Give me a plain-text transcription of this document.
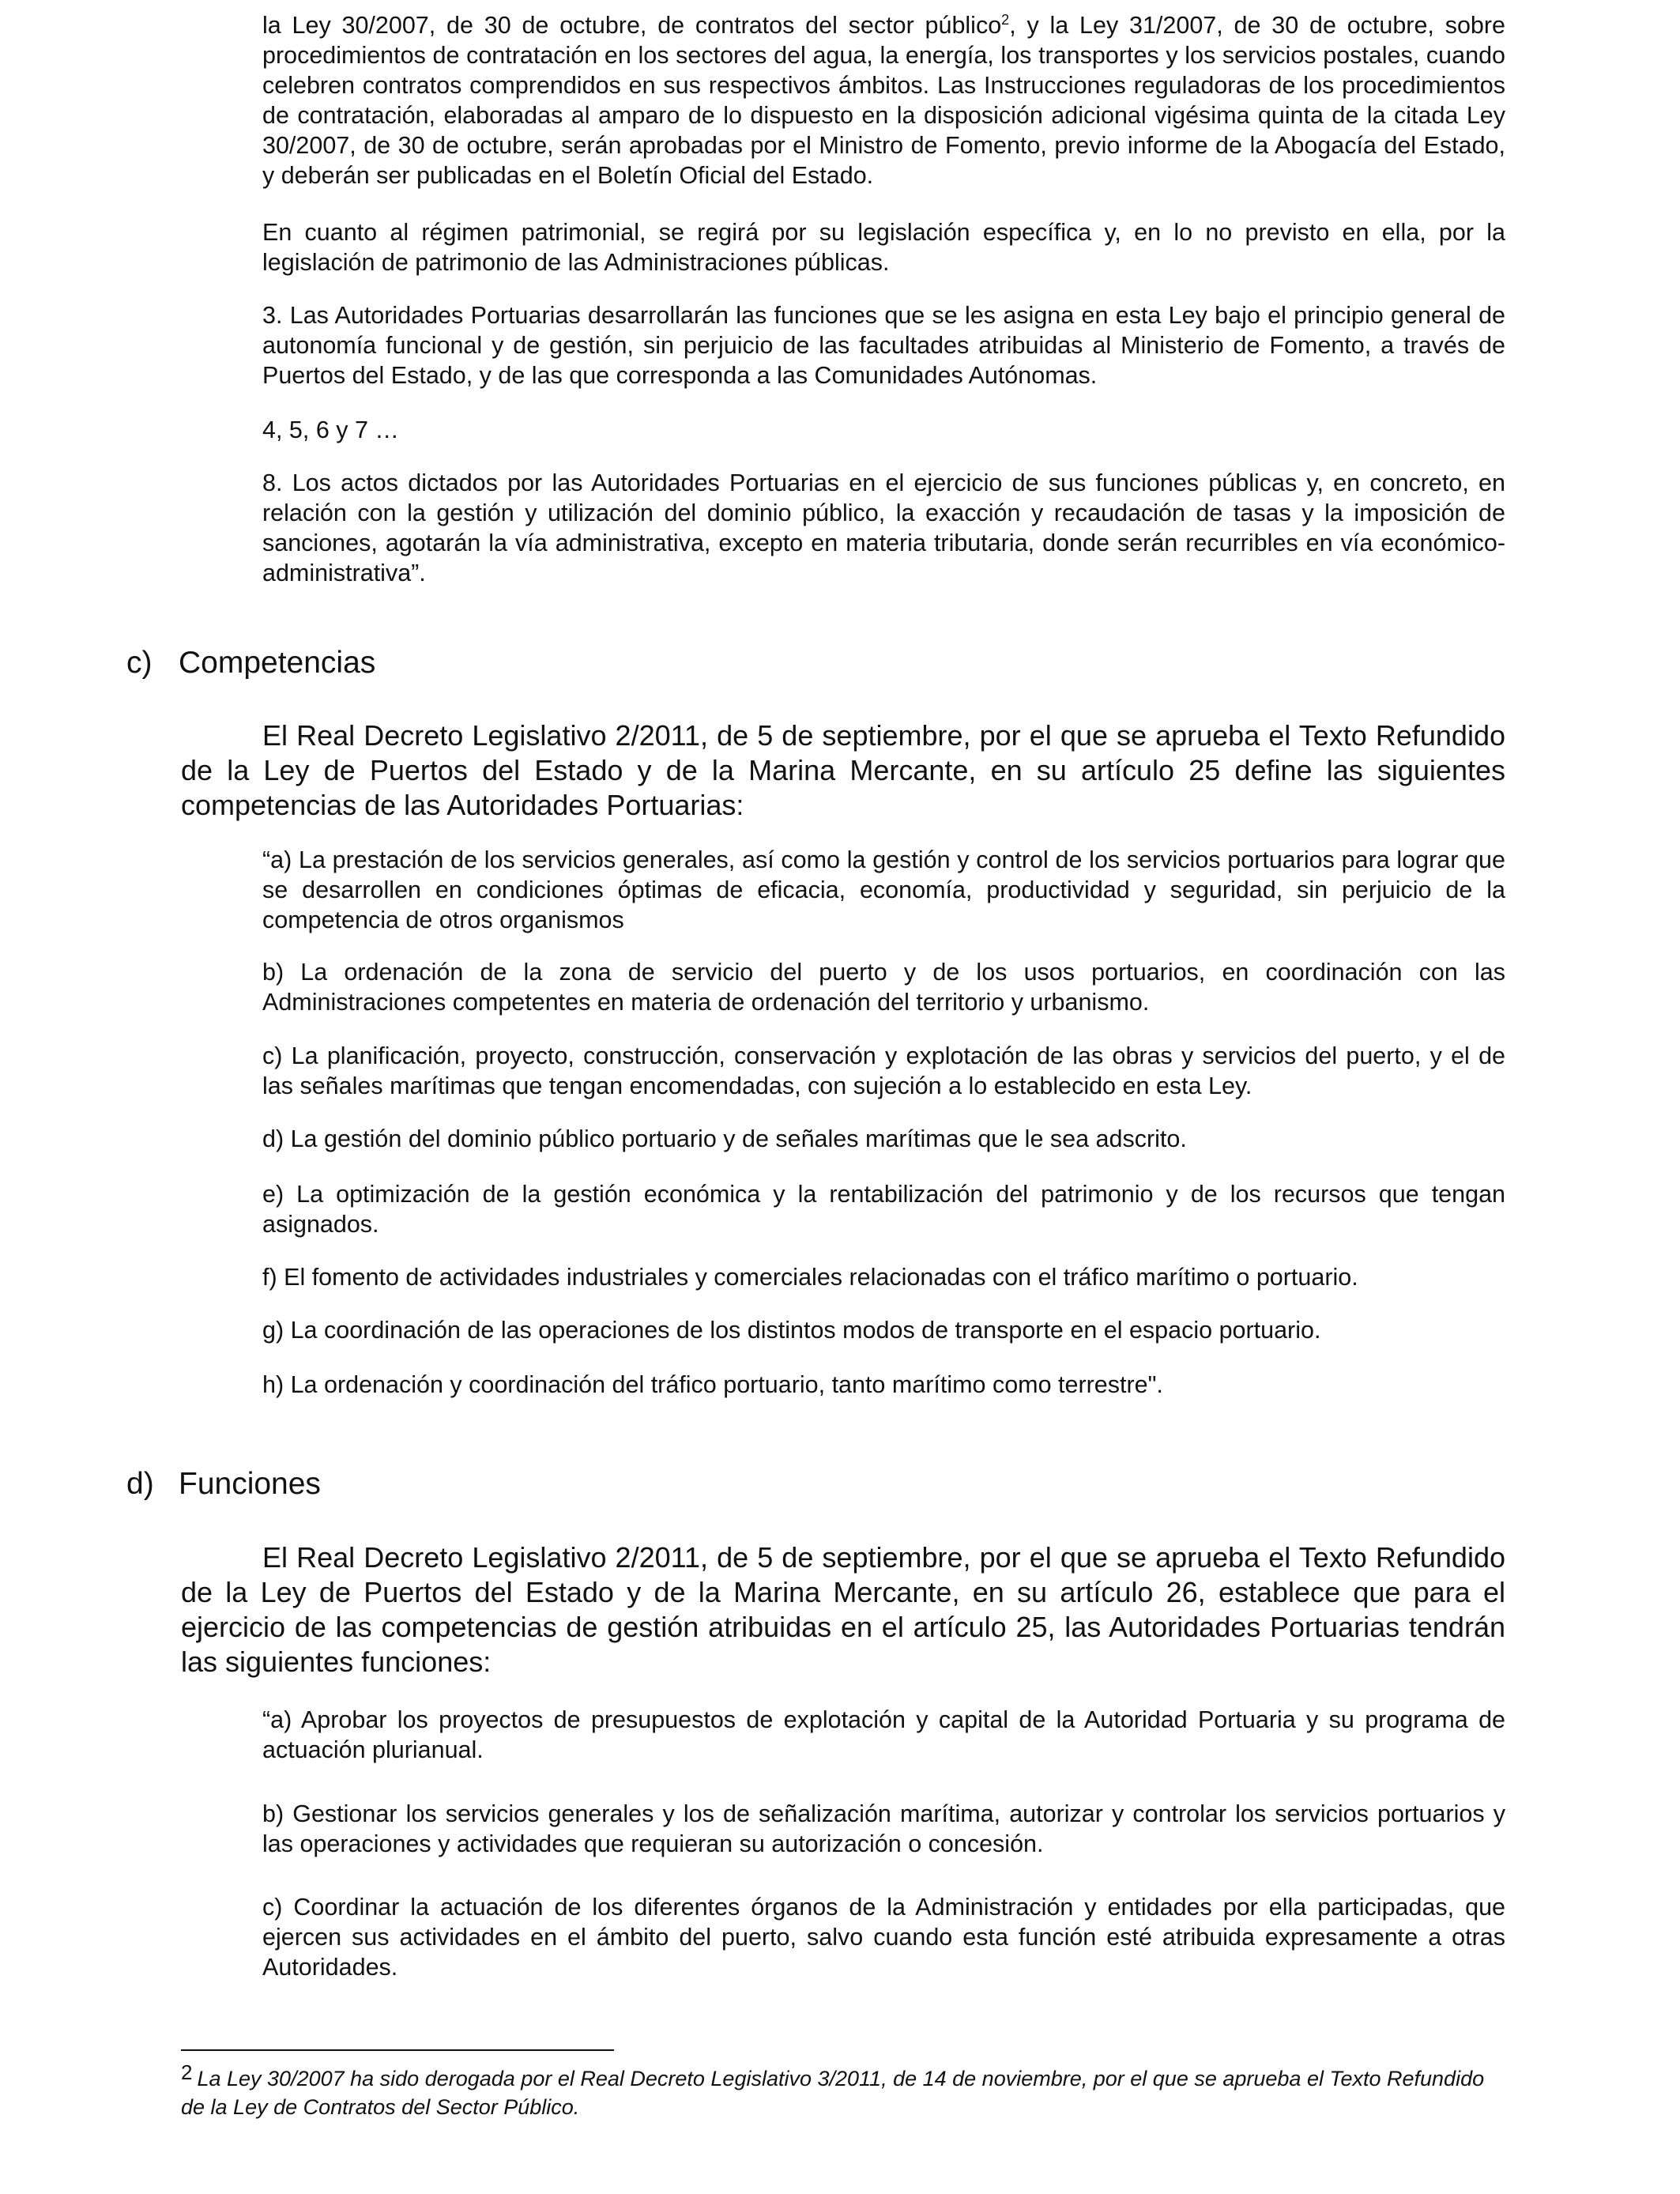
la Ley 30/2007, de 30 de octubre, de contratos del sector público$^2$, y la Ley 31/2007, de 30 de octubre, sobre procedimientos de contratación en los sectores del agua, la energía, los transportes y los servicios postales, cuando celebren contratos comprendidos en sus respectivos ámbitos. Las Instrucciones reguladoras de los procedimientos de contratación, elaboradas al amparo de lo dispuesto en la disposición adicional vigésima quinta de la citada Ley 30/2007, de 30 de octubre, serán aprobadas por el Ministro de Fomento, previo informe de la Abogacía del Estado, y deberán ser publicadas en el Boletín Oficial del Estado.

En cuanto al régimen patrimonial, se regirá por su legislación específica y, en lo no previsto en ella, por la legislación de patrimonio de las Administraciones públicas.

3. Las Autoridades Portuarias desarrollarán las funciones que se les asigna en esta Ley bajo el principio general de autonomía funcional y de gestión, sin perjuicio de las facultades atribuidas al Ministerio de Fomento, a través de Puertos del Estado, y de las que corresponda a las Comunidades Autónomas.

4, 5, 6 y 7 …

8. Los actos dictados por las Autoridades Portuarias en el ejercicio de sus funciones públicas y, en concreto, en relación con la gestión y utilización del dominio público, la exacción y recaudación de tasas y la imposición de sanciones, agotarán la vía administrativa, excepto en materia tributaria, donde serán recurribles en vía económico-administrativa”.

c) Competencias

El Real Decreto Legislativo 2/2011, de 5 de septiembre, por el que se aprueba el Texto Refundido de la Ley de Puertos del Estado y de la Marina Mercante, en su artículo 25 define las siguientes competencias de las Autoridades Portuarias:

“a) La prestación de los servicios generales, así como la gestión y control de los servicios portuarios para lograr que se desarrollen en condiciones óptimas de eficacia, economía, productividad y seguridad, sin perjuicio de la competencia de otros organismos

b) La ordenación de la zona de servicio del puerto y de los usos portuarios, en coordinación con las Administraciones competentes en materia de ordenación del territorio y urbanismo.

c) La planificación, proyecto, construcción, conservación y explotación de las obras y servicios del puerto, y el de las señales marítimas que tengan encomendadas, con sujeción a lo establecido en esta Ley.

d) La gestión del dominio público portuario y de señales marítimas que le sea adscrito.

e) La optimización de la gestión económica y la rentabilización del patrimonio y de los recursos que tengan asignados.

f) El fomento de actividades industriales y comerciales relacionadas con el tráfico marítimo o portuario.

g) La coordinación de las operaciones de los distintos modos de transporte en el espacio portuario.

h) La ordenación y coordinación del tráfico portuario, tanto marítimo como terrestre".

d) Funciones

El Real Decreto Legislativo 2/2011, de 5 de septiembre, por el que se aprueba el Texto Refundido de la Ley de Puertos del Estado y de la Marina Mercante, en su artículo 26, establece que para el ejercicio de las competencias de gestión atribuidas en el artículo 25, las Autoridades Portuarias tendrán las siguientes funciones:

“a) Aprobar los proyectos de presupuestos de explotación y capital de la Autoridad Portuaria y su programa de actuación plurianual.

b) Gestionar los servicios generales y los de señalización marítima, autorizar y controlar los servicios portuarios y las operaciones y actividades que requieran su autorización o concesión.

c) Coordinar la actuación de los diferentes órganos de la Administración y entidades por ella participadas, que ejercen sus actividades en el ámbito del puerto, salvo cuando esta función esté atribuida expresamente a otras Autoridades.

2 La Ley 30/2007 ha sido derogada por el Real Decreto Legislativo 3/2011, de 14 de noviembre, por el que se aprueba el Texto Refundido de la Ley de Contratos del Sector Público.
